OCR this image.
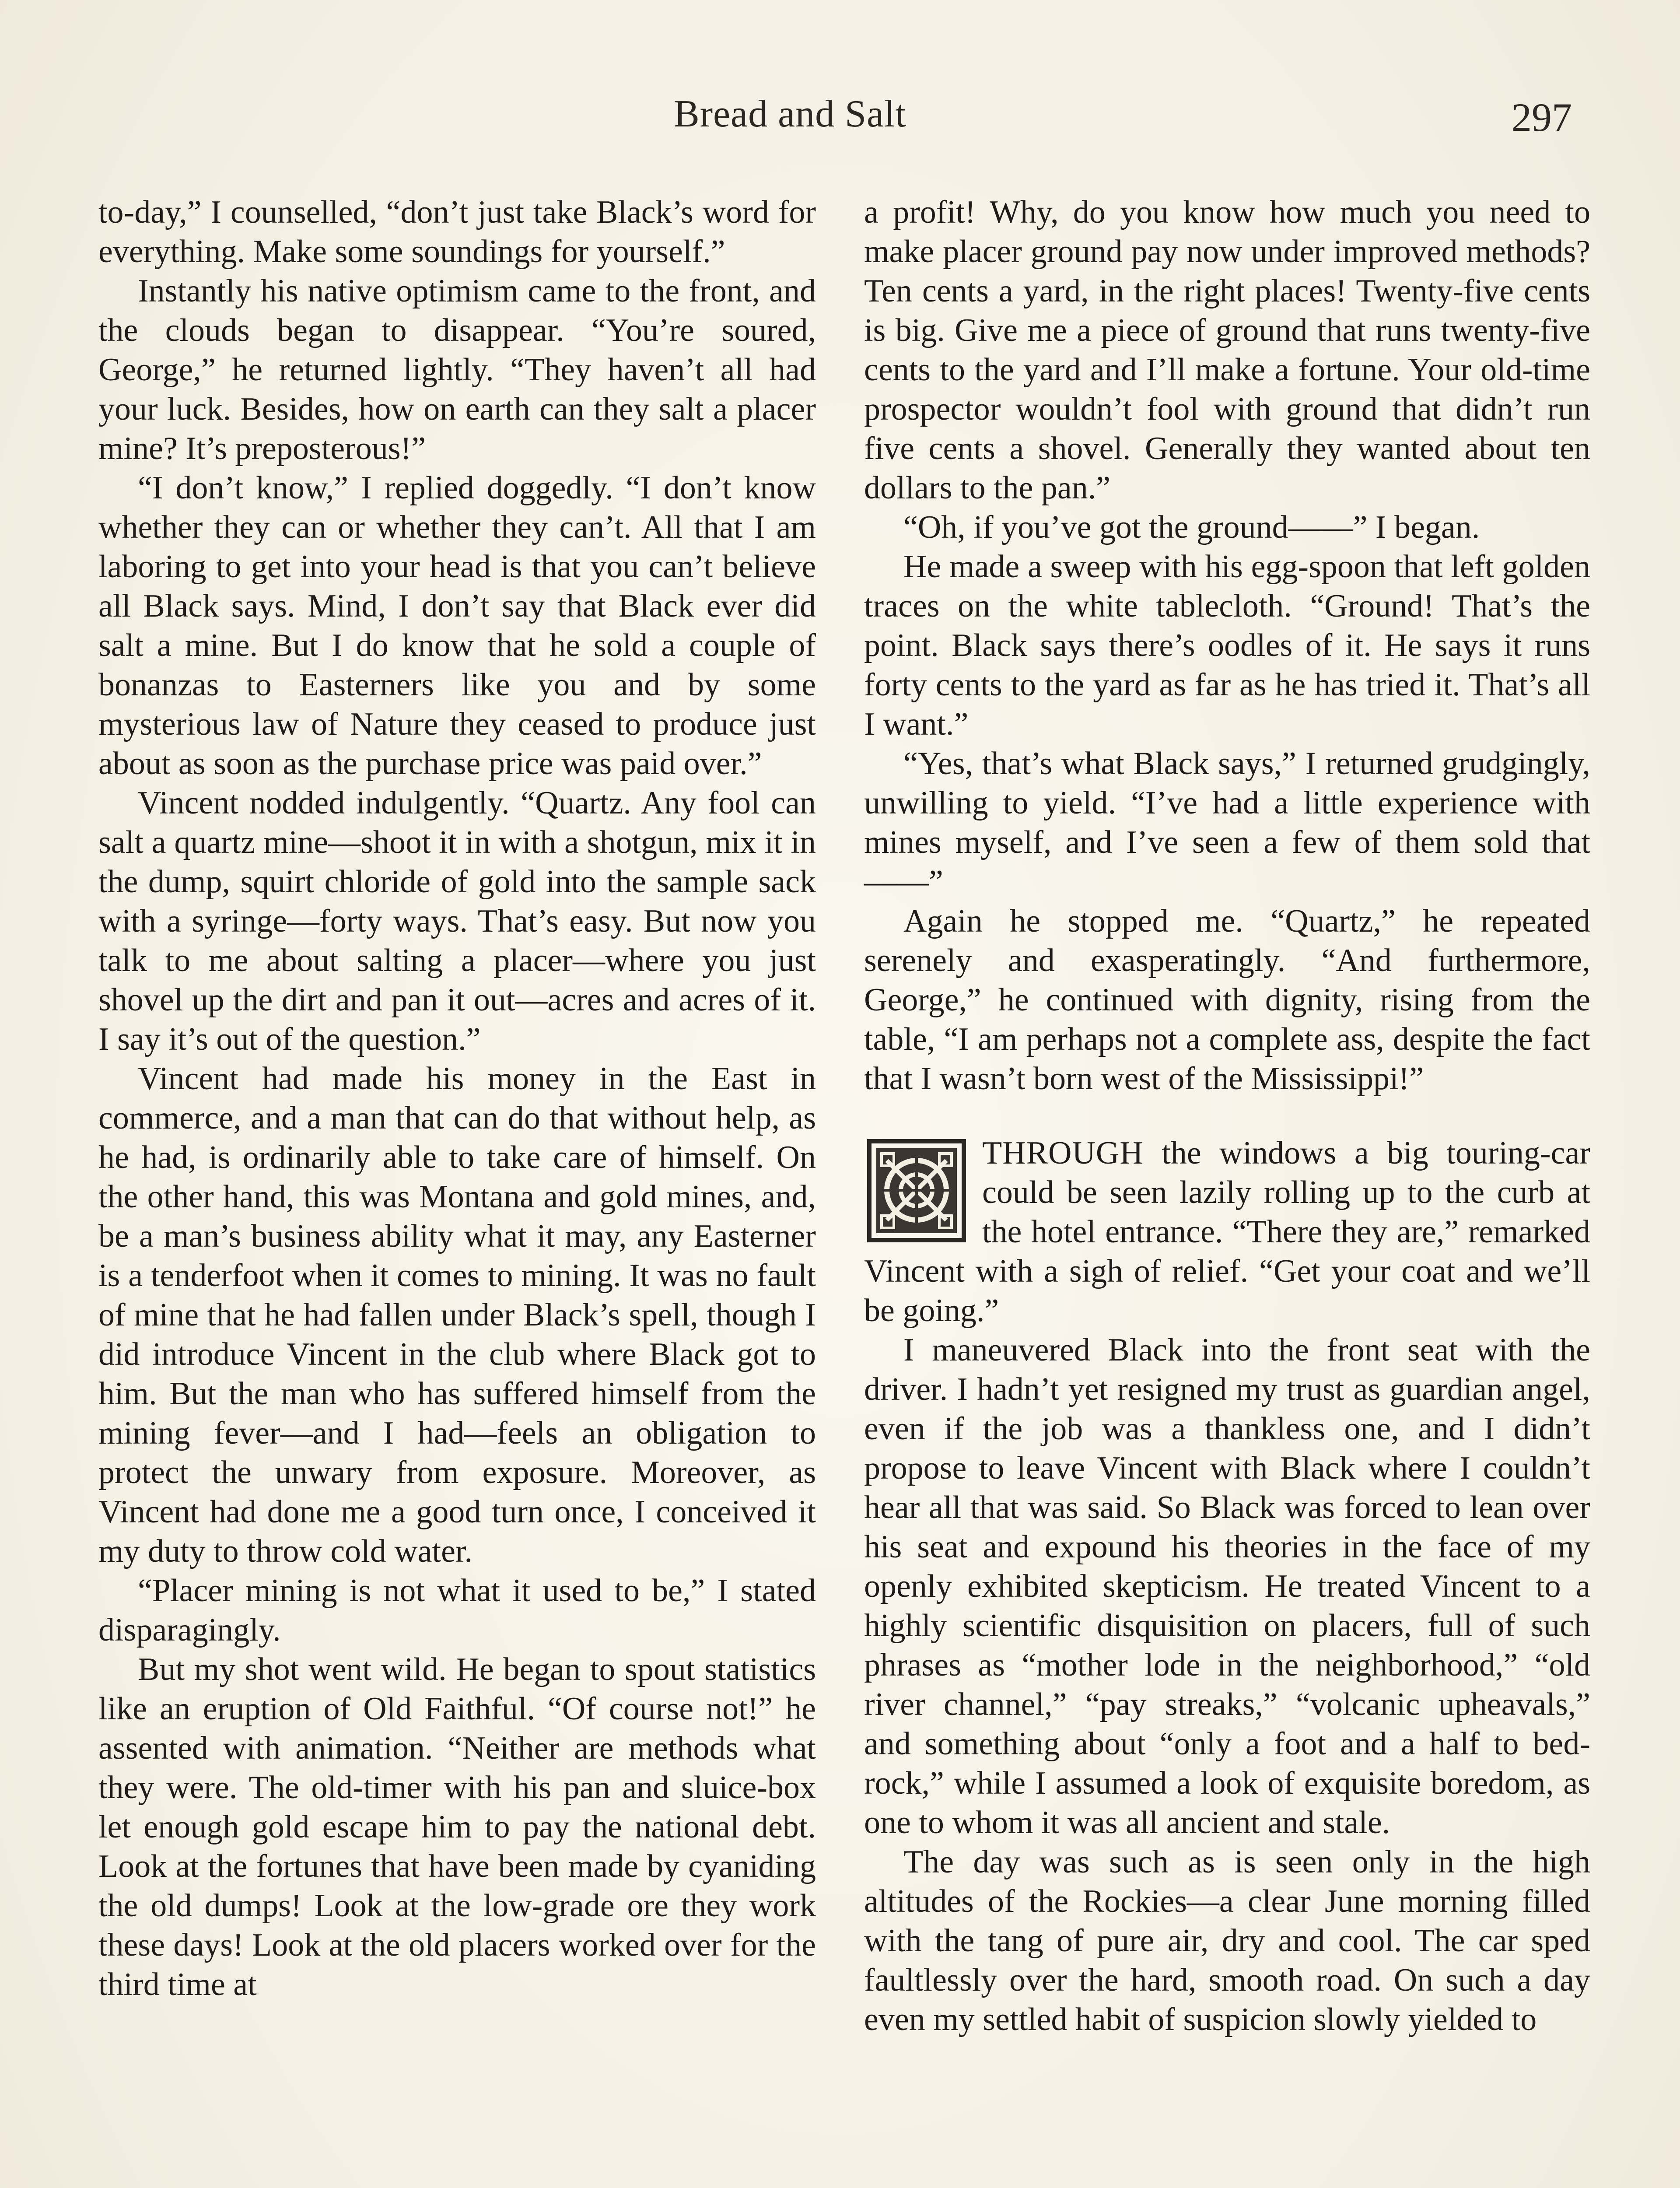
Bread and Salt	297

to-day,” I counselled, “don’t just take Black’s word for everything. Make some soundings for yourself.”

Instantly his native optimism came to the front, and the clouds began to disappear. “You’re soured, George,” he returned lightly. “They haven’t all had your luck. Besides, how on earth can they salt a placer mine? It’s preposterous!”

“I don’t know,” I replied doggedly. “I don’t know whether they can or whether they can’t. All that I am laboring to get into your head is that you can’t believe all Black says. Mind, I don’t say that Black ever did salt a mine. But I do know that he sold a couple of bonanzas to Easterners like you and by some mysterious law of Nature they ceased to produce just about as soon as the purchase price was paid over.”

Vincent nodded indulgently. “Quartz. Any fool can salt a quartz mine—shoot it in with a shotgun, mix it in the dump, squirt chloride of gold into the sample sack with a syringe—forty ways. That’s easy. But now you talk to me about salting a placer—where you just shovel up the dirt and pan it out—acres and acres of it. I say it’s out of the question.”

Vincent had made his money in the East in commerce, and a man that can do that without help, as he had, is ordinarily able to take care of himself. On the other hand, this was Montana and gold mines, and, be a man’s business ability what it may, any Easterner is a tenderfoot when it comes to mining. It was no fault of mine that he had fallen under Black’s spell, though I did introduce Vincent in the club where Black got to him. But the man who has suffered himself from the mining fever—and I had—feels an obligation to protect the unwary from exposure. Moreover, as Vincent had done me a good turn once, I conceived it my duty to throw cold water.

“Placer mining is not what it used to be,” I stated disparagingly.

But my shot went wild. He began to spout statistics like an eruption of Old Faithful. “Of course not!” he assented with animation. “Neither are methods what they were. The old-timer with his pan and sluice-box let enough gold escape him to pay the national debt. Look at the fortunes that have been made by cyaniding the old dumps! Look at the low-grade ore they work these days! Look at the old placers worked over for the third time at

a profit! Why, do you know how much you need to make placer ground pay now under improved methods? Ten cents a yard, in the right places! Twenty-five cents is big. Give me a piece of ground that runs twenty-five cents to the yard and I’ll make a fortune. Your old-time prospector wouldn’t fool with ground that didn’t run five cents a shovel. Generally they wanted about ten dollars to the pan.”

“Oh, if you’ve got the ground——” I began.

He made a sweep with his egg-spoon that left golden traces on the white tablecloth. “Ground! That’s the point. Black says there’s oodles of it. He says it runs forty cents to the yard as far as he has tried it. That’s all I want.”

“Yes, that’s what Black says,” I returned grudgingly, unwilling to yield. “I’ve had a little experience with mines myself, and I’ve seen a few of them sold that——”

Again he stopped me. “Quartz,” he repeated serenely and exasperatingly. “And furthermore, George,” he continued with dignity, rising from the table, “I am perhaps not a complete ass, despite the fact that I wasn’t born west of the Mississippi!”

THROUGH the windows a big touring-car could be seen lazily rolling up to the curb at the hotel entrance. “There they are,” remarked Vincent with a sigh of relief. “Get your coat and we’ll be going.”

I maneuvered Black into the front seat with the driver. I hadn’t yet resigned my trust as guardian angel, even if the job was a thankless one, and I didn’t propose to leave Vincent with Black where I couldn’t hear all that was said. So Black was forced to lean over his seat and expound his theories in the face of my openly exhibited skepticism. He treated Vincent to a highly scientific disquisition on placers, full of such phrases as “mother lode in the neighborhood,” “old river channel,” “pay streaks,” “volcanic upheavals,” and something about “only a foot and a half to bed-rock,” while I assumed a look of exquisite boredom, as one to whom it was all ancient and stale.

The day was such as is seen only in the high altitudes of the Rockies—a clear June morning filled with the tang of pure air, dry and cool. The car sped faultlessly over the hard, smooth road. On such a day even my settled habit of suspicion slowly yielded to
